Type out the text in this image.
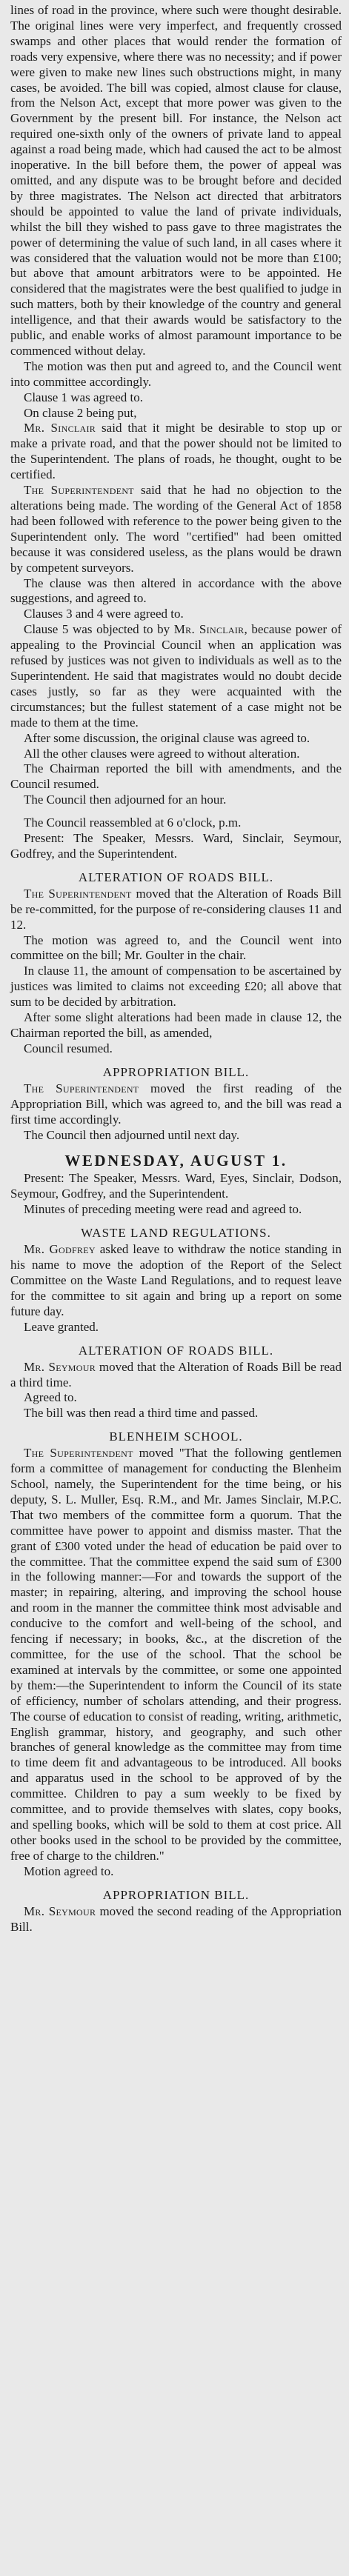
lines of road in the province, where such were thought desirable. The original lines were very imperfect, and frequently crossed swamps and other places that would render the formation of roads very expensive, where there was no necessity; and if power were given to make new lines such obstructions might, in many cases, be avoided. The bill was copied, almost clause for clause, from the Nelson Act, except that more power was given to the Government by the present bill. For instance, the Nelson act required one-sixth only of the owners of private land to appeal against a road being made, which had caused the act to be almost inoperative. In the bill before them, the power of appeal was omitted, and any dispute was to be brought before and decided by three magistrates. The Nelson act directed that arbitrators should be appointed to value the land of private individuals, whilst the bill they wished to pass gave to three magistrates the power of determining the value of such land, in all cases where it was considered that the valuation would not be more than £100; but above that amount arbitrators were to be appointed. He considered that the magistrates were the best qualified to judge in such matters, both by their knowledge of the country and general intelligence, and that their awards would be satisfactory to the public, and enable works of almost paramount importance to be commenced without delay.

The motion was then put and agreed to, and the Council went into committee accordingly.

Clause 1 was agreed to.

On clause 2 being put,

Mr. Sinclair said that it might be desirable to stop up or make a private road, and that the power should not be limited to the Superintendent. The plans of roads, he thought, ought to be certified.

The Superintendent said that he had no objection to the alterations being made. The wording of the General Act of 1858 had been followed with reference to the power being given to the Superintendent only. The word "certified" had been omitted because it was considered useless, as the plans would be drawn by competent surveyors.

The clause was then altered in accordance with the above suggestions, and agreed to.

Clauses 3 and 4 were agreed to.

Clause 5 was objected to by Mr. Sinclair, because power of appealing to the Provincial Council when an application was refused by justices was not given to individuals as well as to the Superintendent. He said that magistrates would no doubt decide cases justly, so far as they were acquainted with the circumstances; but the fullest statement of a case might not be made to them at the time.

After some discussion, the original clause was agreed to.

All the other clauses were agreed to without alteration.

The Chairman reported the bill with amendments, and the Council resumed.

The Council then adjourned for an hour.

The Council reassembled at 6 o'clock, p.m.

Present: The Speaker, Messrs. Ward, Sinclair, Seymour, Godfrey, and the Superintendent.

ALTERATION OF ROADS BILL.

The Superintendent moved that the Alteration of Roads Bill be re-committed, for the purpose of re-considering clauses 11 and 12.

The motion was agreed to, and the Council went into committee on the bill; Mr. Goulter in the chair.

In clause 11, the amount of compensation to be ascertained by justices was limited to claims not exceeding £20; all above that sum to be decided by arbitration.

After some slight alterations had been made in clause 12, the Chairman reported the bill, as amended,

Council resumed.

APPROPRIATION BILL.

The Superintendent moved the first reading of the Appropriation Bill, which was agreed to, and the bill was read a first time accordingly.

The Council then adjourned until next day.

WEDNESDAY, AUGUST 1.

Present: The Speaker, Messrs. Ward, Eyes, Sinclair, Dodson, Seymour, Godfrey, and the Superintendent.

Minutes of preceding meeting were read and agreed to.

WASTE LAND REGULATIONS.

Mr. Godfrey asked leave to withdraw the notice standing in his name to move the adoption of the Report of the Select Committee on the Waste Land Regulations, and to request leave for the committee to sit again and bring up a report on some future day.

Leave granted.

ALTERATION OF ROADS BILL.

Mr. Seymour moved that the Alteration of Roads Bill be read a third time.

Agreed to.

The bill was then read a third time and passed.

BLENHEIM SCHOOL.

The Superintendent moved "That the following gentlemen form a committee of management for conducting the Blenheim School, namely, the Superintendent for the time being, or his deputy, S. L. Muller, Esq. R.M., and Mr. James Sinclair, M.P.C. That two members of the committee form a quorum. That the committee have power to appoint and dismiss master. That the grant of £300 voted under the head of education be paid over to the committee. That the committee expend the said sum of £300 in the following manner:—For and towards the support of the master; in repairing, altering, and improving the school house and room in the manner the committee think most advisable and conducive to the comfort and well-being of the school, and fencing if necessary; in books, &c., at the discretion of the committee, for the use of the school. That the school be examined at intervals by the committee, or some one appointed by them:—the Superintendent to inform the Council of its state of efficiency, number of scholars attending, and their progress. The course of education to consist of reading, writing, arithmetic, English grammar, history, and geography, and such other branches of general knowledge as the committee may from time to time deem fit and advantageous to be introduced. All books and apparatus used in the school to be approved of by the committee. Children to pay a sum weekly to be fixed by committee, and to provide themselves with slates, copy books, and spelling books, which will be sold to them at cost price. All other books used in the school to be provided by the committee, free of charge to the children."

Motion agreed to.

APPROPRIATION BILL.

Mr. Seymour moved the second reading of the Appropriation Bill.
